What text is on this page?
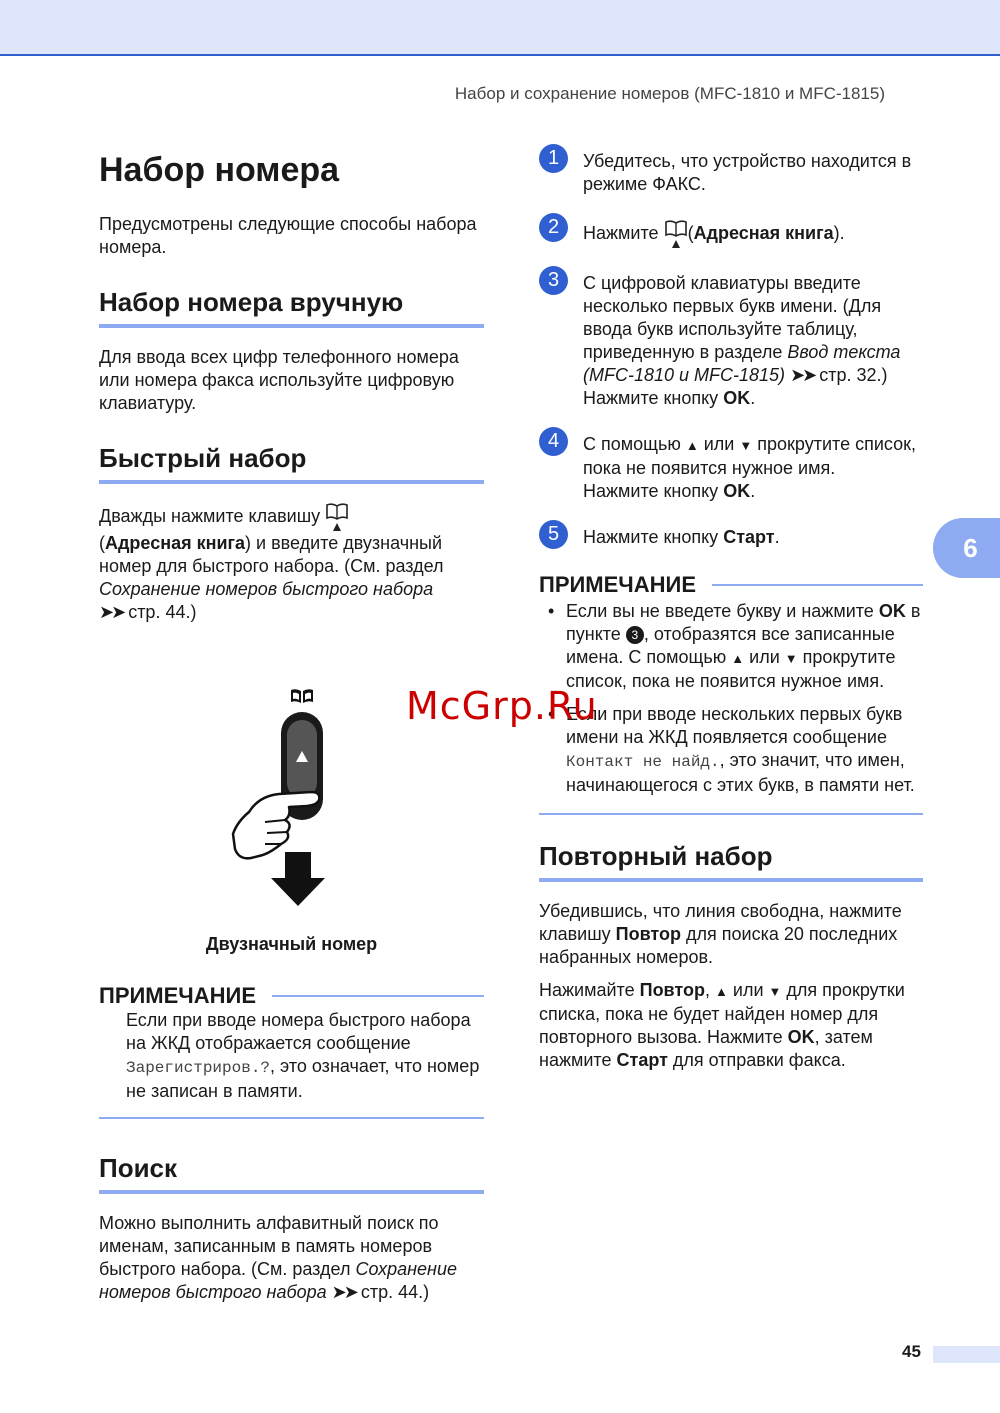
Набор и сохранение номеров (MFC-1810 и MFC-1815)
Набор номера

Предусмотрены следующие способы набора номера.

Набор номера вручную

Для ввода всех цифр телефонного номера или номера факса используйте цифровую клавиатуру.

Быстрый набор

Дважды нажмите клавишу
(Адресная книга) и введите двузначный номер для быстрого набора. (См. раздел Сохранение номеров быстрого набора
➤➤ стр. 44.)

Двузначный номер
ПРИМЕЧАНИЕ

Если при вводе номера быстрого набора на ЖКД отображается сообщение Зарегистриров.?, это означает, что номер не записан в памяти.

Поиск

Можно выполнить алфавитный поиск по именам, записанным в память номеров быстрого набора. (См. раздел Сохранение номеров быстрого набора ➤➤ стр. 44.)

1	Убедитесь, что устройство находится в режиме ФАКС.

2	Нажмите (Адресная книга).

3	С цифровой клавиатуры введите несколько первых букв имени. (Для ввода букв используйте таблицу, приведенную в разделе Ввод текста (MFC-1810 и MFC-1815) ➤➤ стр. 32.)
Нажмите кнопку OK.

4	С помощью ▲ или ▼ прокрутите список, пока не появится нужное имя.
Нажмите кнопку OK.

5	Нажмите кнопку Старт.

ПРИМЕЧАНИЕ
• Если вы не введете букву и нажмите OK в пункте 3 , отобразятся все записанные имена. С помощью ▲ или ▼ прокрутите список, пока не появится нужное имя.
• Если при вводе нескольких первых букв имени на ЖКД появляется сообщение Контакт не найд., это значит, что имен, начинающегося с этих букв, в памяти нет.
Повторный набор

Убедившись, что линия свободна, нажмите клавишу Повтор для поиска 20 последних набранных номеров.

Нажимайте Повтор, ▲ или ▼ для прокрутки списка, пока не будет найден номер для повторного вызова. Нажмите OK, затем нажмите Старт для отправки факса.

6
McGrp.Ru
45
